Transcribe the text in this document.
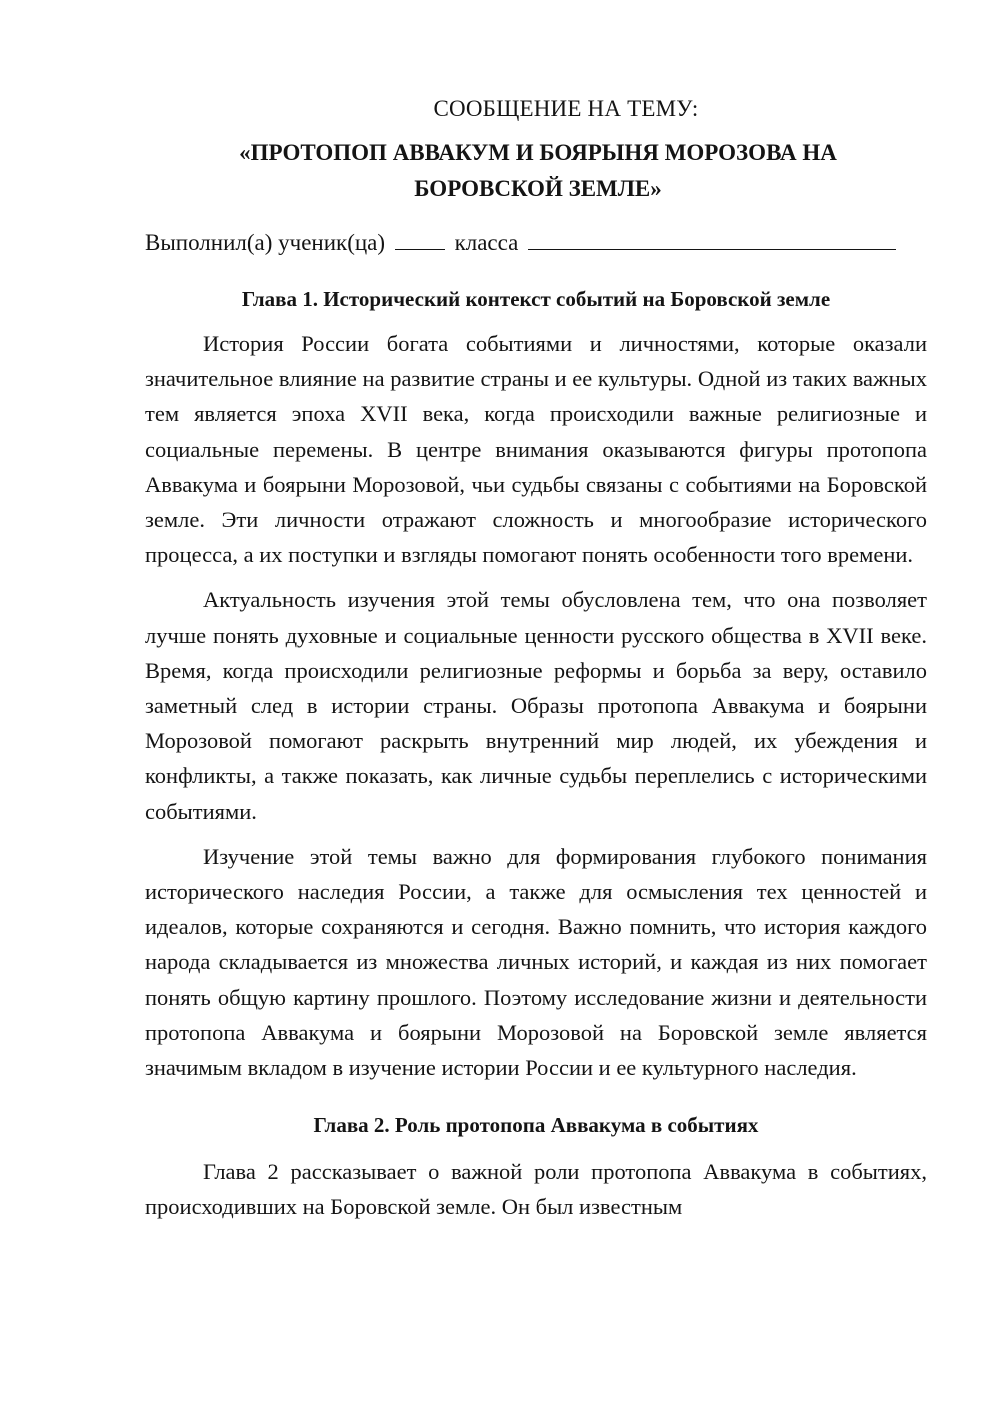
СООБЩЕНИЕ НА ТЕМУ:

«ПРОТОПОП АВВАКУМ И БОЯРЫНЯ МОРОЗОВА НА БОРОВСКОЙ ЗЕМЛЕ»

Выполнил(а) ученик(ца)	класса

Глава 1. Исторический контекст событий на Боровской земле

История России богата событиями и личностями, которые оказали значительное влияние на развитие страны и ее культуры. Одной из таких важных тем является эпоха XVII века, когда происходили важные религиозные и социальные перемены. В центре внимания оказываются фигуры протопопа Аввакума и боярыни Морозовой, чьи судьбы связаны с событиями на Боровской земле. Эти личности отражают сложность и многообразие исторического процесса, а их поступки и взгляды помогают понять особенности того времени.

Актуальность изучения этой темы обусловлена тем, что она позволяет лучше понять духовные и социальные ценности русского общества в XVII веке. Время, когда происходили религиозные реформы и борьба за веру, оставило заметный след в истории страны. Образы протопопа Аввакума и боярыни Морозовой помогают раскрыть внутренний мир людей, их убеждения и конфликты, а также показать, как личные судьбы переплелись с историческими событиями.

Изучение этой темы важно для формирования глубокого понимания исторического наследия России, а также для осмысления тех ценностей и идеалов, которые сохраняются и сегодня. Важно помнить, что история каждого народа складывается из множества личных историй, и каждая из них помогает понять общую картину прошлого. Поэтому исследование жизни и деятельности протопопа Аввакума и боярыни Морозовой на Боровской земле является значимым вкладом в изучение истории России и ее культурного наследия.

Глава 2. Роль протопопа Аввакума в событиях

Глава 2 рассказывает о важной роли протопопа Аввакума в событиях, происходивших на Боровской земле. Он был известным
